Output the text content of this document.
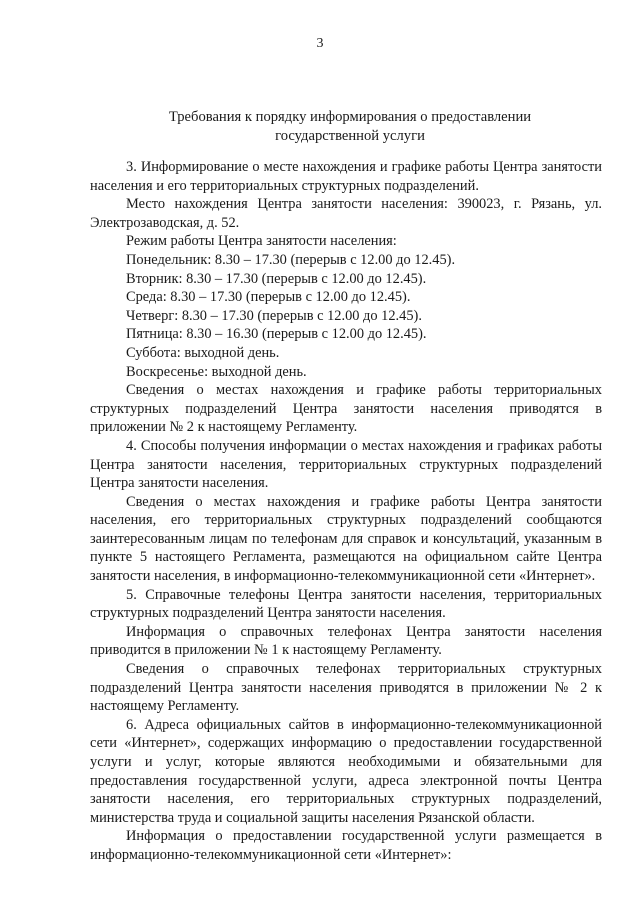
3
Требования к порядку информирования о предоставлении
государственной услуги

3. Информирование о месте нахождения и графике работы Центра занятости населения и его территориальных структурных подразделений.

Место нахождения Центра занятости населения: 390023, г. Рязань, ул. Электрозаводская, д. 52.

Режим работы Центра занятости населения:

Понедельник: 8.30 – 17.30 (перерыв с 12.00 до 12.45).

Вторник: 8.30 – 17.30 (перерыв с 12.00 до 12.45).

Среда: 8.30 – 17.30 (перерыв с 12.00 до 12.45).

Четверг: 8.30 – 17.30 (перерыв с 12.00 до 12.45).

Пятница: 8.30 – 16.30 (перерыв с 12.00 до 12.45).

Суббота: выходной день.

Воскресенье: выходной день.

Сведения о местах нахождения и графике работы территориальных структурных подразделений Центра занятости населения приводятся в приложении № 2 к настоящему Регламенту.

4. Способы получения информации о местах нахождения и графиках работы Центра занятости населения, территориальных структурных подразделений Центра занятости населения.

Сведения о местах нахождения и графике работы Центра занятости населения, его территориальных структурных подразделений сообщаются заинтересованным лицам по телефонам для справок и консультаций, указанным в пункте 5 настоящего Регламента, размещаются на официальном сайте Центра занятости населения, в информационно-телекоммуникационной сети «Интернет».

5. Справочные телефоны Центра занятости населения, территориальных структурных подразделений Центра занятости населения.

Информация о справочных телефонах Центра занятости населения приводится в приложении № 1 к настоящему Регламенту.

Сведения о справочных телефонах территориальных структурных подразделений Центра занятости населения приводятся в приложении № 2 к настоящему Регламенту.

6. Адреса официальных сайтов в информационно-телекоммуникационной сети «Интернет», содержащих информацию о предоставлении государственной услуги и услуг, которые являются необходимыми и обязательными для предоставления государственной услуги, адреса электронной почты Центра занятости населения, его территориальных структурных подразделений, министерства труда и социальной защиты населения Рязанской области.

Информация о предоставлении государственной услуги размещается в информационно-телекоммуникационной сети «Интернет»:
